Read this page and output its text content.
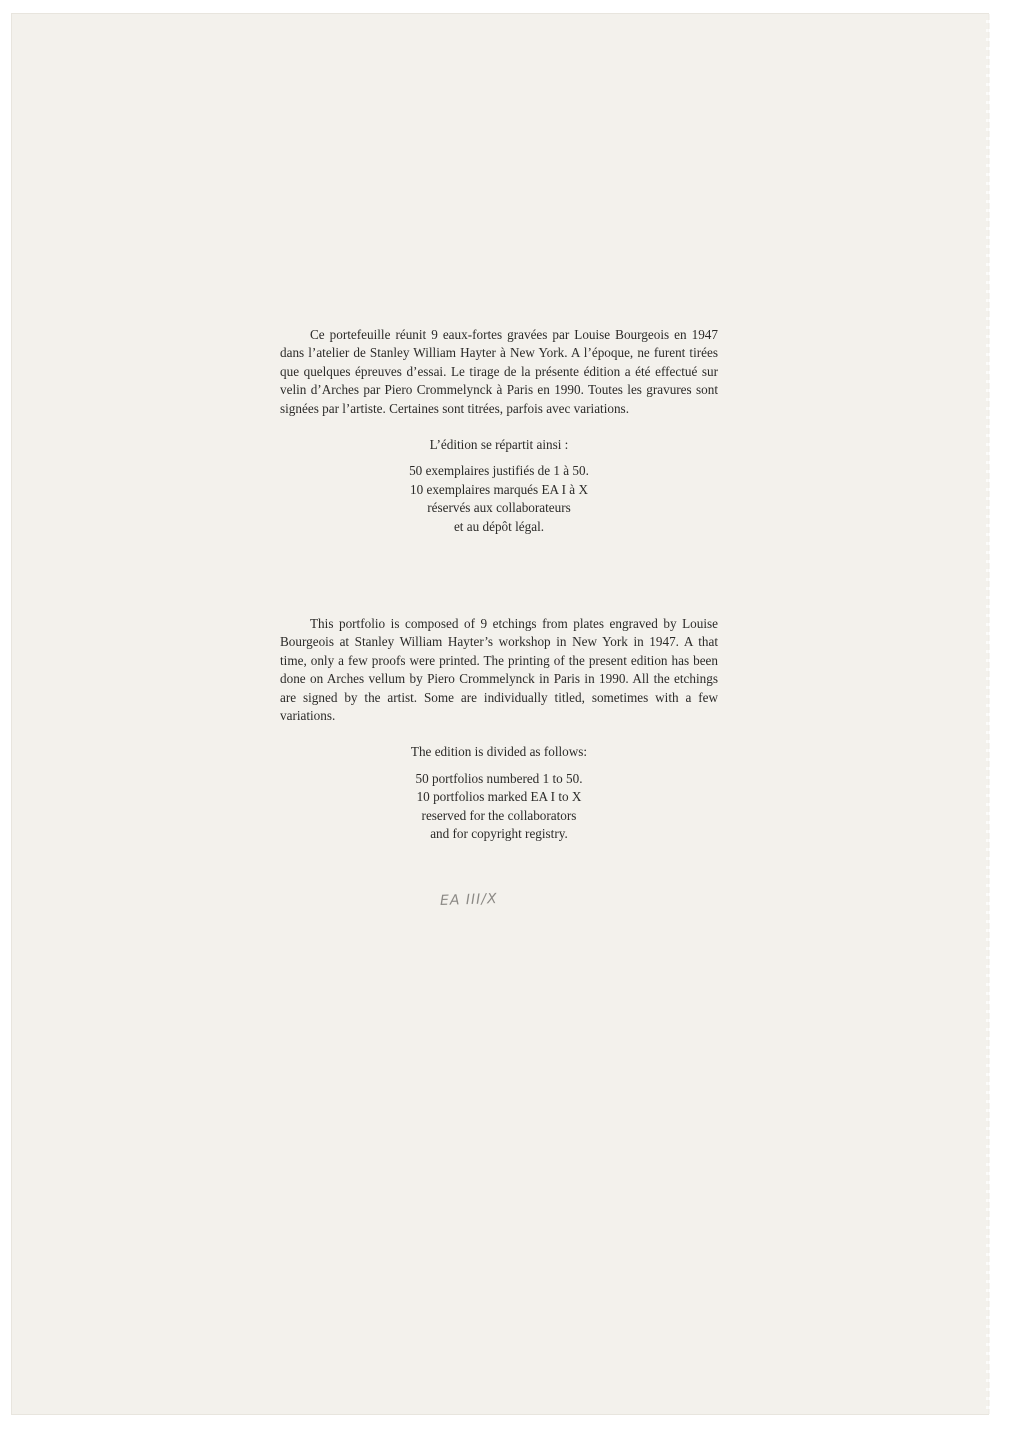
Ce portefeuille réunit 9 eaux-fortes gravées par Louise Bourgeois en 1947 dans l’atelier de Stanley William Hayter à New York. A l’époque, ne furent tirées que quelques épreuves d’essai. Le tirage de la présente édition a été effectué sur velin d’Arches par Piero Crommelynck à Paris en 1990. Toutes les gravures sont signées par l’artiste. Certaines sont titrées, parfois avec variations.

L’édition se répartit ainsi :

50 exemplaires justifiés de 1 à 50.
10 exemplaires marqués EA I à X
réservés aux collaborateurs
et au dépôt légal.

This portfolio is composed of 9 etchings from plates engraved by Louise Bourgeois at Stanley William Hayter’s workshop in New York in 1947. A that time, only a few proofs were printed. The printing of the present edition has been done on Arches vellum by Piero Crommelynck in Paris in 1990. All the etchings are signed by the artist. Some are individually titled, sometimes with a few variations.

The edition is divided as follows:

50 portfolios numbered 1 to 50.
10 portfolios marked EA I to X
reserved for the collaborators
and for copyright registry.
EA III/X
